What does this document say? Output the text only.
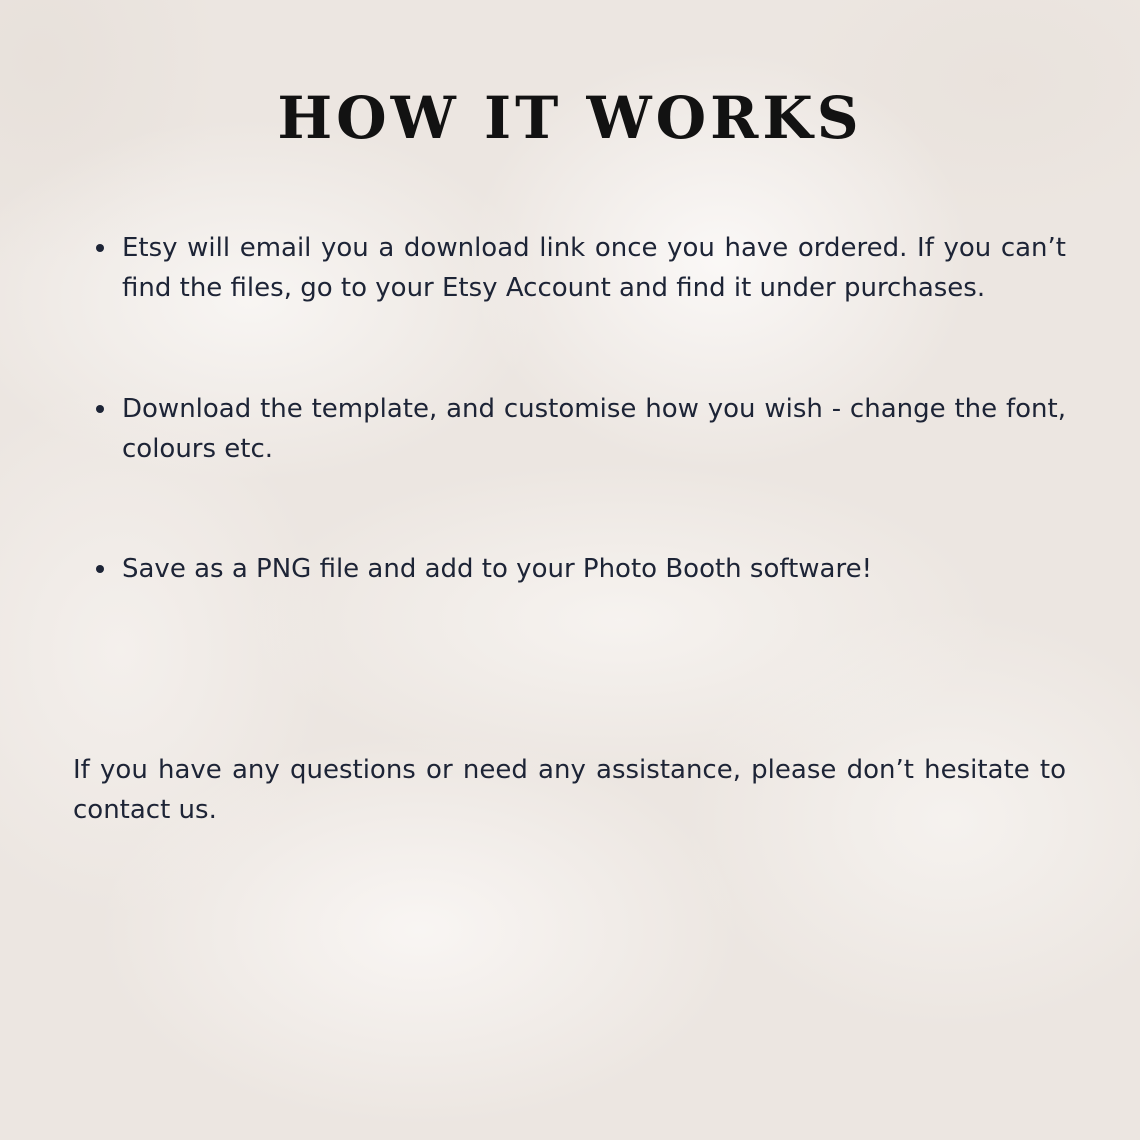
HOW IT WORKS
Etsy will email you a download link once you have ordered. If you can’t find the files, go to your Etsy Account and find it under purchases.
Download the template, and customise how you wish - change the font, colours etc.
Save as a PNG file and add to your Photo Booth software!

If you have any questions or need any assistance, please don’t hesitate to contact us.
